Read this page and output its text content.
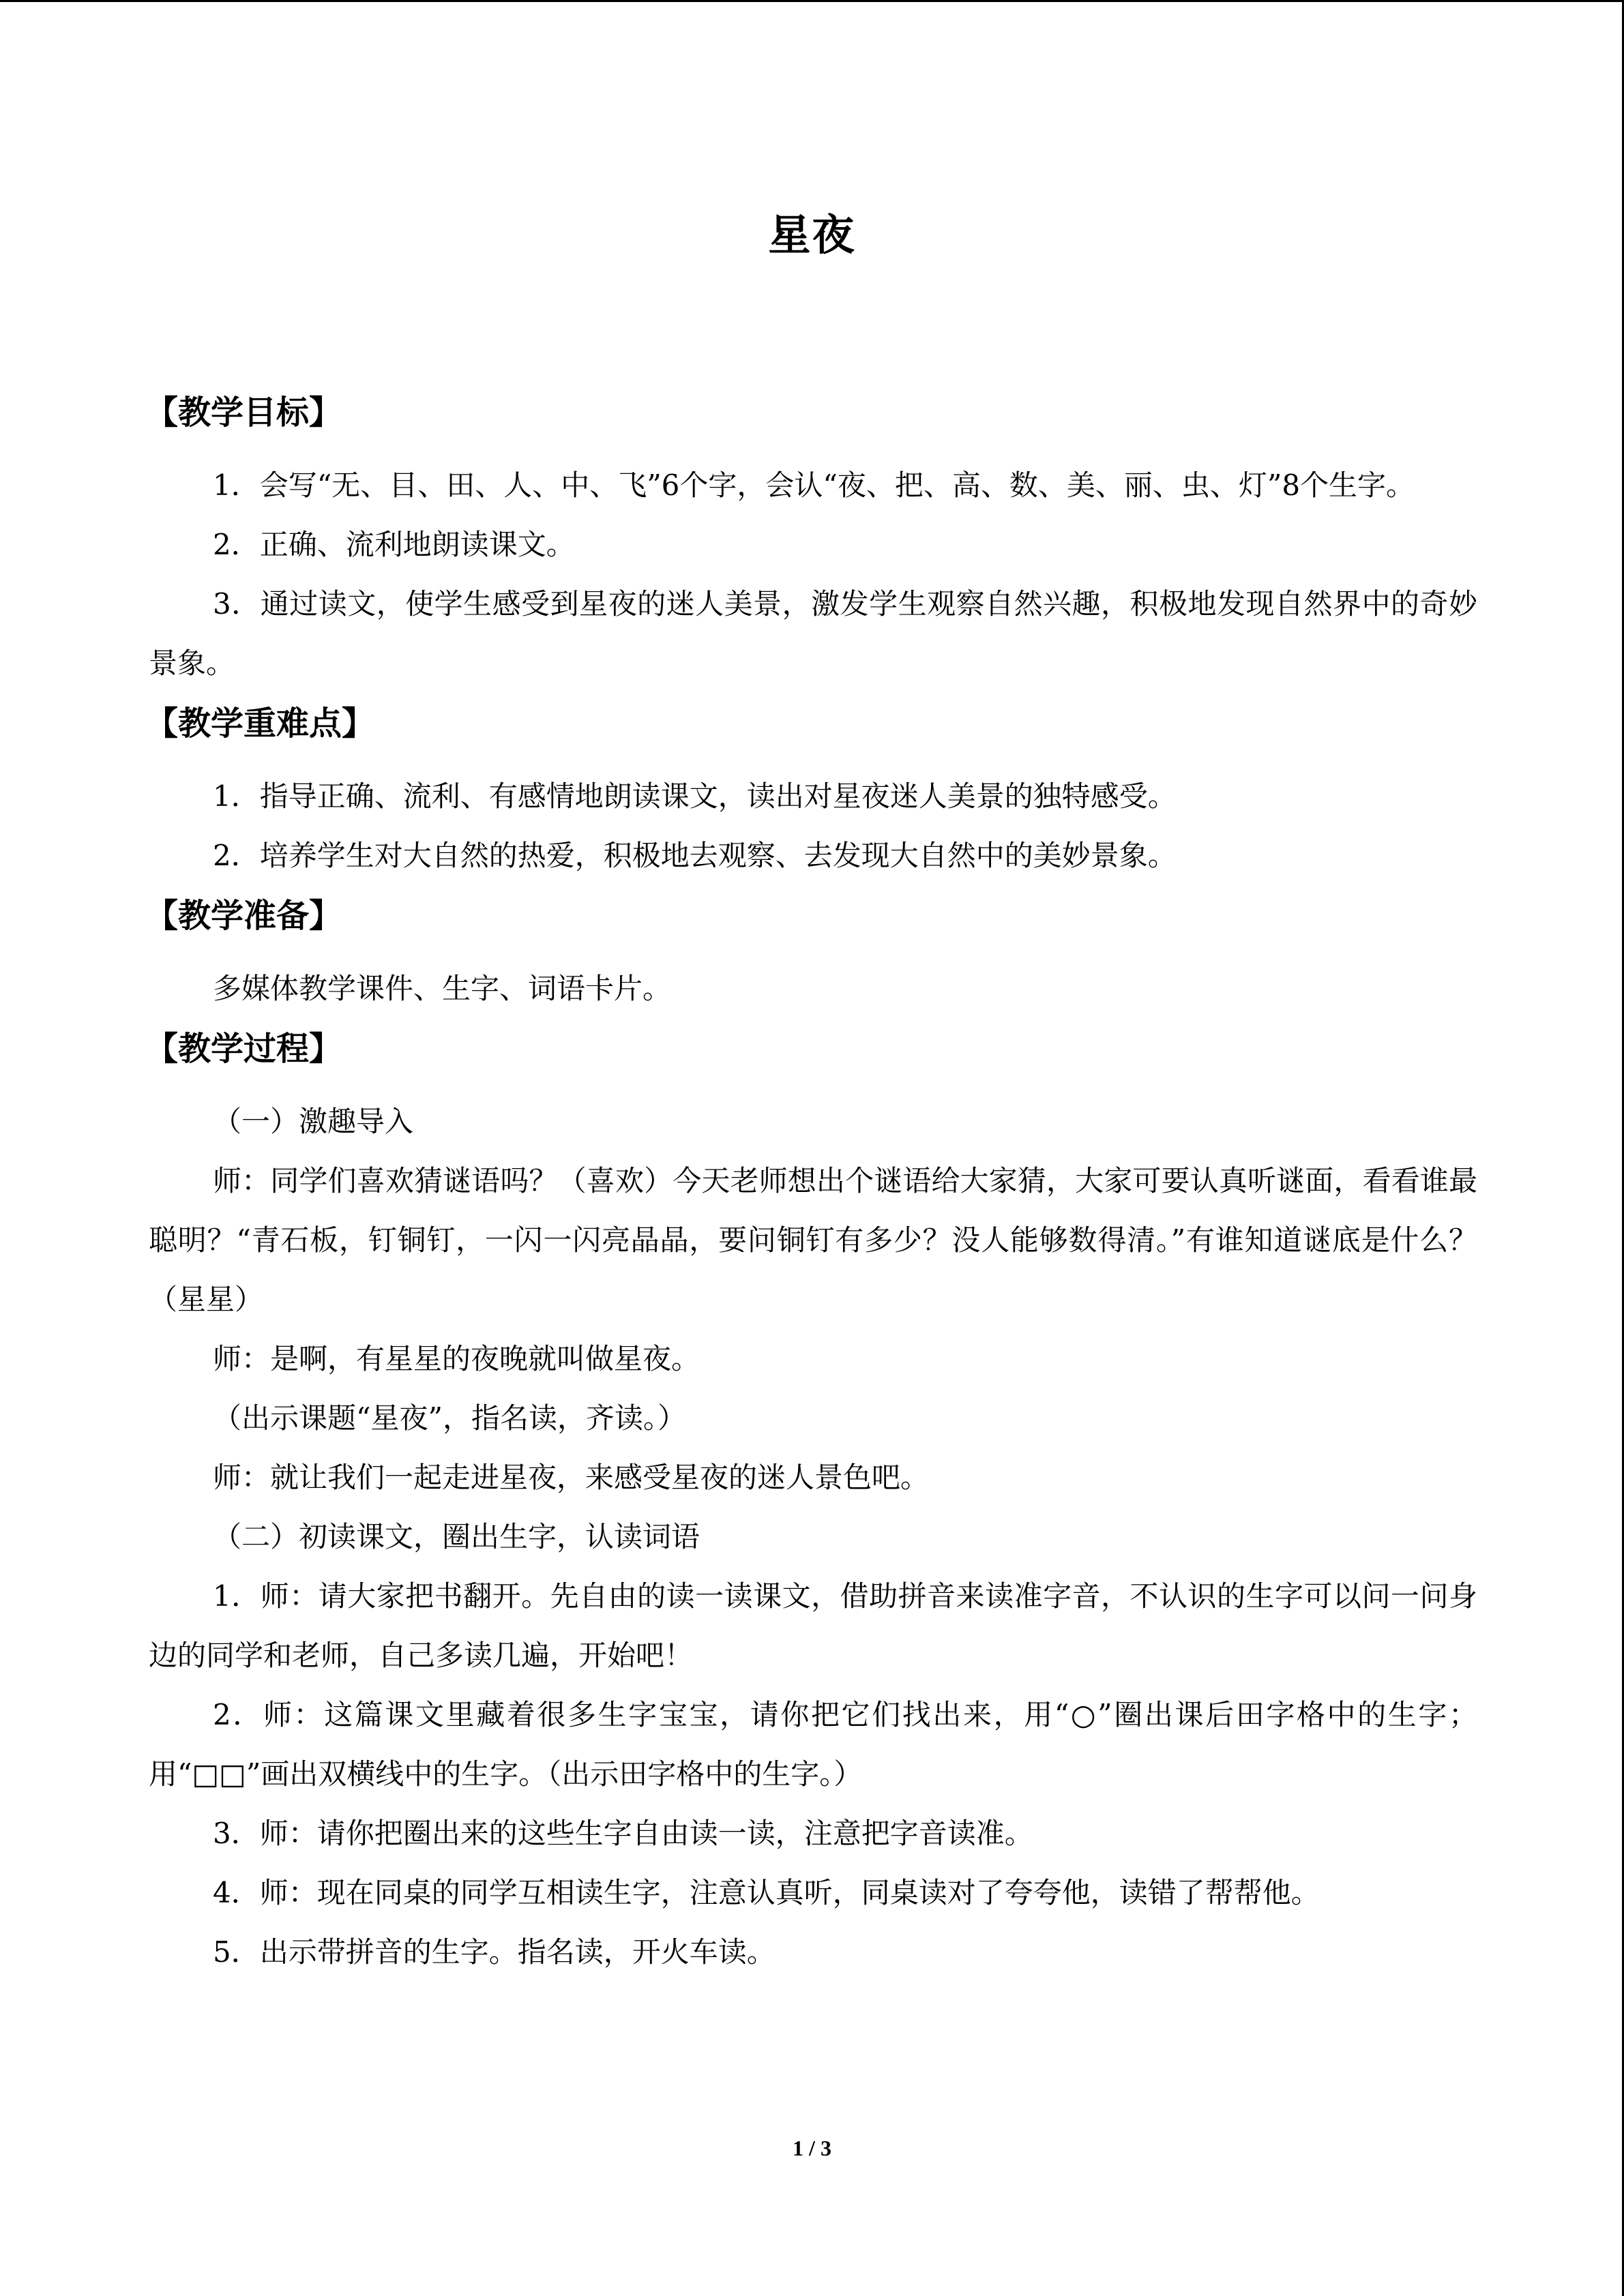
星夜
【教学目标】

1．会写“无、目、田、人、中、飞”6个字，会认“夜、把、高、数、美、丽、虫、灯”8个生字。

2．正确、流利地朗读课文。

3．通过读文，使学生感受到星夜的迷人美景，激发学生观察自然兴趣，积极地发现自然界中的奇妙景象。

【教学重难点】

1．指导正确、流利、有感情地朗读课文，读出对星夜迷人美景的独特感受。

2．培养学生对大自然的热爱，积极地去观察、去发现大自然中的美妙景象。

【教学准备】

多媒体教学课件、生字、词语卡片。

【教学过程】

（一）激趣导入

师：同学们喜欢猜谜语吗？（喜欢）今天老师想出个谜语给大家猜，大家可要认真听谜面，看看谁最聪明？“青石板，钉铜钉，一闪一闪亮晶晶，要问铜钉有多少？没人能够数得清。”有谁知道谜底是什么？（星星）

师：是啊，有星星的夜晚就叫做星夜。

（出示课题“星夜”，指名读，齐读。）

师：就让我们一起走进星夜，来感受星夜的迷人景色吧。

（二）初读课文，圈出生字，认读词语

1．师：请大家把书翻开。先自由的读一读课文，借助拼音来读准字音，不认识的生字可以问一问身边的同学和老师，自己多读几遍，开始吧！

2．师：这篇课文里藏着很多生字宝宝，请你把它们找出来，用“○”圈出课后田字格中的生字；用“□□”画出双横线中的生字。（出示田字格中的生字。）

3．师：请你把圈出来的这些生字自由读一读，注意把字音读准。

4．师：现在同桌的同学互相读生字，注意认真听，同桌读对了夸夸他，读错了帮帮他。

5．出示带拼音的生字。指名读，开火车读。

1 / 3
